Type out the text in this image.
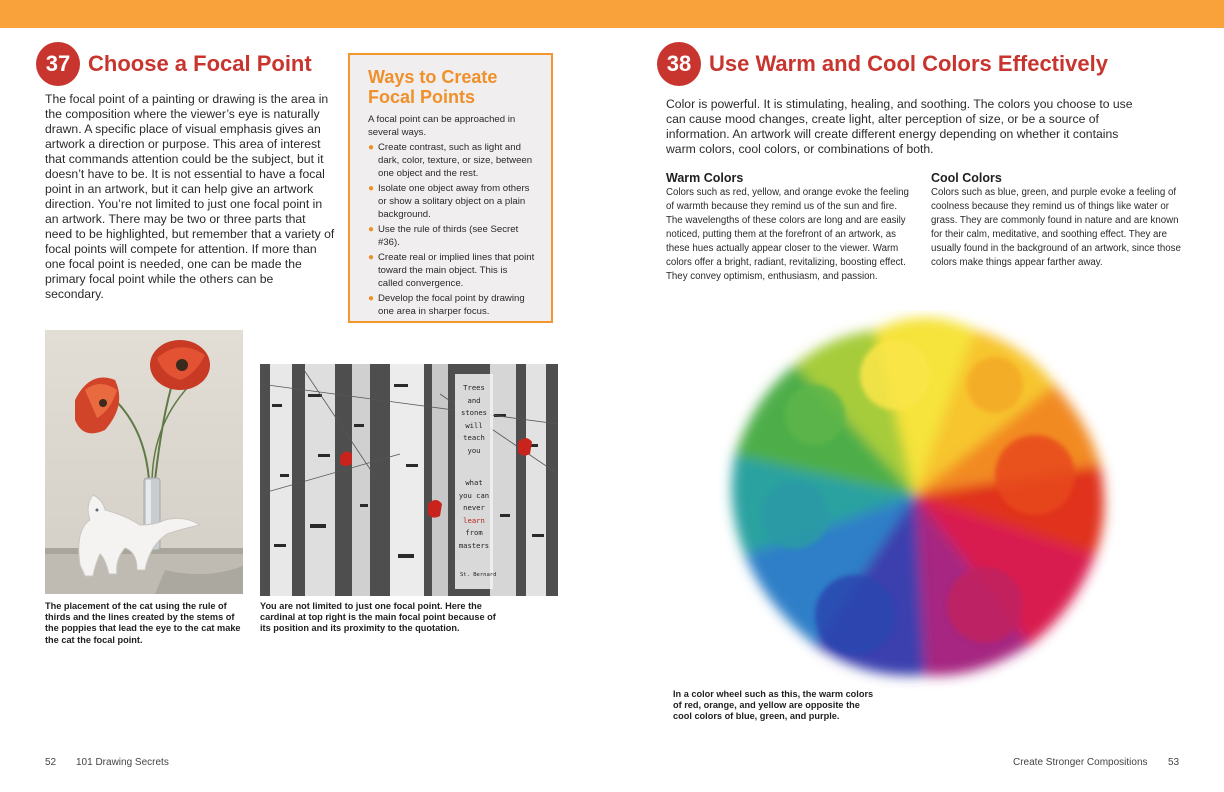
37 Choose a Focal Point
The focal point of a painting or drawing is the area in the composition where the viewer’s eye is naturally drawn. A specific place of visual emphasis gives an artwork a direction or purpose. This area of interest that commands attention could be the subject, but it doesn’t have to be. It is not essential to have a focal point in an artwork, but it can help give an artwork direction. You’re not limited to just one focal point in an artwork. There may be two or three parts that need to be highlighted, but remember that a variety of focal points will compete for attention. If more than one focal point is needed, one can be made the primary focal point while the others can be secondary.
Ways to Create
Focal Points
A focal point can be approached in several ways.
● Create contrast, such as light and dark, color, texture, or size, between one object and the rest.
● Isolate one object away from others or show a solitary object on a plain background.
● Use the rule of thirds (see Secret #36).
● Create real or implied lines that point toward the main object. This is called convergence.
● Develop the focal point by drawing one area in sharper focus.
Trees
and
stones
will
teach
you
what
you can
never
learn
from
masters
St. Bernard
The placement of the cat using the rule of thirds and the lines created by the stems of the poppies that lead the eye to the cat make the cat the focal point.
You are not limited to just one focal point. Here the cardinal at top right is the main focal point because of its position and its proximity to the quotation.
38 Use Warm and Cool Colors Effectively
Color is powerful. It is stimulating, healing, and soothing. The colors you choose to use can cause mood changes, create light, alter perception of size, or be a source of information. An artwork will create different energy depending on whether it contains warm colors, cool colors, or combinations of both.
Warm Colors
Colors such as red, yellow, and orange evoke the feeling of warmth because they remind us of the sun and fire. The wavelengths of these colors are long and are easily noticed, putting them at the forefront of an artwork, as these hues actually appear closer to the viewer. Warm colors offer a bright, radiant, revitalizing, boosting effect. They convey optimism, enthusiasm, and passion.
Cool Colors
Colors such as blue, green, and purple evoke a feeling of coolness because they remind us of things like water or grass. They are commonly found in nature and are known for their calm, meditative, and soothing effect. They are usually found in the background of an artwork, since those colors make things appear farther away.
In a color wheel such as this, the warm colors of red, orange, and yellow are opposite the cool colors of blue, green, and purple.
52 101 Drawing Secrets	Create Stronger Compositions 53
